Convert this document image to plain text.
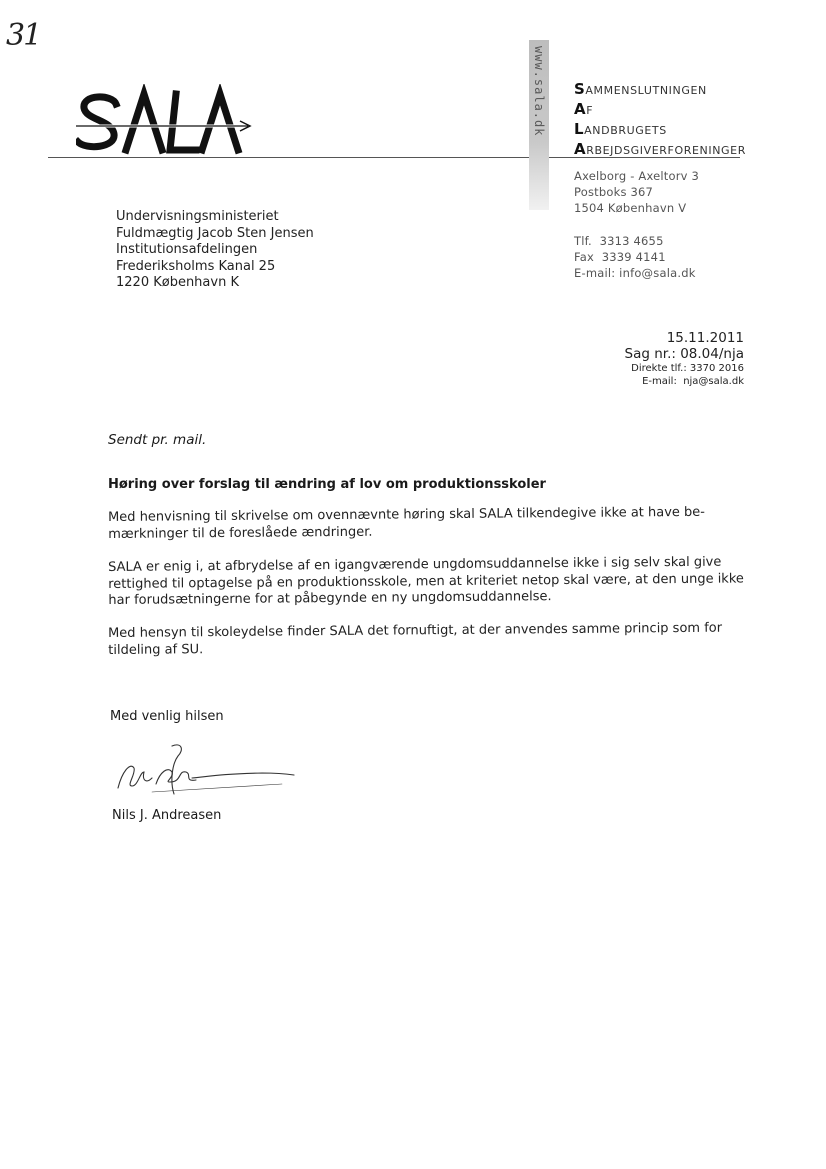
31
www.sala.dk SAMMENSLUTNINGEN
AF
LANDBRUGETS
ARBEJDSGIVERFORENINGER
Axelborg - Axeltorv 3
Postboks 367
1504 København V
Tlf.  3313 4655
Fax  3339 4141
E-mail: info@sala.dk
Undervisningsministeriet
Fuldmægtig Jacob Sten Jensen
Institutionsafdelingen
Frederiksholms Kanal 25
1220 København K
15.11.2011
Sag nr.: 08.04/nja
Direkte tlf.: 3370 2016
E-mail:  nja@sala.dk
Sendt pr. mail.
Høring over forslag til ændring af lov om produktionsskoler
Med henvisning til skrivelse om ovennævnte høring skal SALA tilkendegive ikke at have be- mærkninger til de foreslåede ændringer.
SALA er enig i, at afbrydelse af en igangværende ungdomsuddannelse ikke i sig selv skal give rettighed til optagelse på en produktionsskole, men at kriteriet netop skal være, at den unge ikke har forudsætningerne for at påbegynde en ny ungdomsuddannelse.
Med hensyn til skoleydelse finder SALA det fornuftigt, at der anvendes samme princip som for tildeling af SU.
Med venlig hilsen
Nils J. Andreasen
